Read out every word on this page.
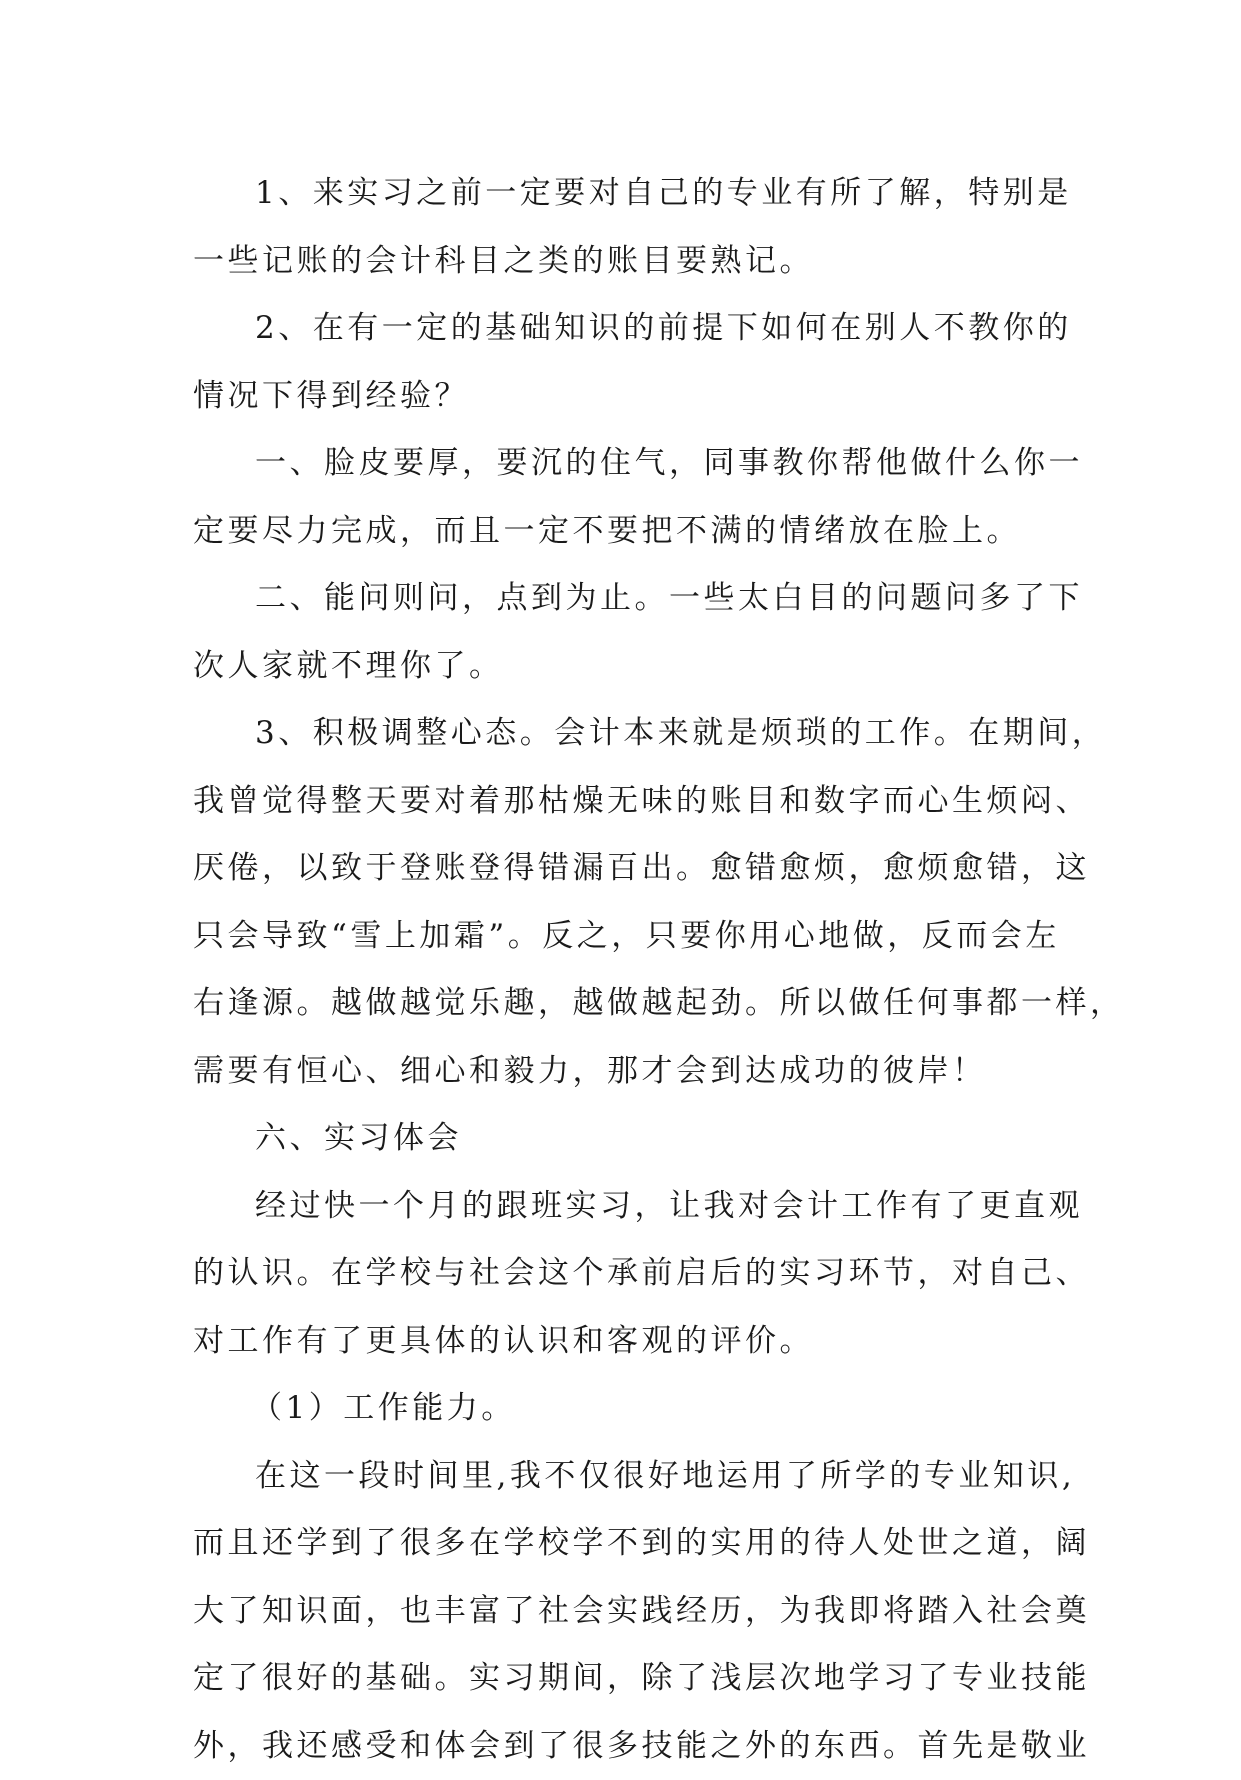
1、来实习之前一定要对自己的专业有所了解，特别是
一些记账的会计科目之类的账目要熟记。
2、在有一定的基础知识的前提下如何在别人不教你的
情况下得到经验？
一、脸皮要厚，要沉的住气，同事教你帮他做什么你一
定要尽力完成，而且一定不要把不满的情绪放在脸上。
二、能问则问，点到为止。一些太白目的问题问多了下
次人家就不理你了。
3、积极调整心态。会计本来就是烦琐的工作。在期间，
我曾觉得整天要对着那枯燥无味的账目和数字而心生烦闷、
厌倦，以致于登账登得错漏百出。愈错愈烦，愈烦愈错，这
只会导致“雪上加霜”。反之，只要你用心地做，反而会左
右逢源。越做越觉乐趣，越做越起劲。所以做任何事都一样，
需要有恒心、细心和毅力，那才会到达成功的彼岸！
六、实习体会
经过快一个月的跟班实习，让我对会计工作有了更直观
的认识。在学校与社会这个承前启后的实习环节，对自己、
对工作有了更具体的认识和客观的评价。
（1）工作能力。
在这一段时间里,我不仅很好地运用了所学的专业知识,
而且还学到了很多在学校学不到的实用的待人处世之道，阔
大了知识面，也丰富了社会实践经历，为我即将踏入社会奠
定了很好的基础。实习期间，除了浅层次地学习了专业技能
外，我还感受和体会到了很多技能之外的东西。首先是敬业
